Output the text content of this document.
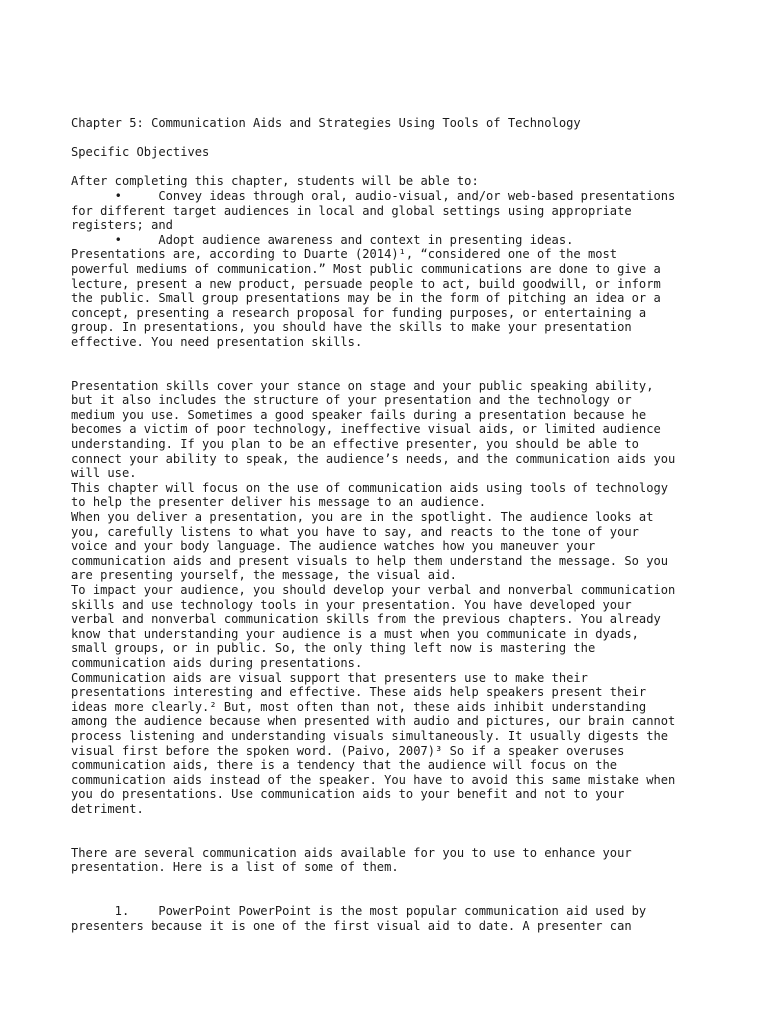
Chapter 5: Communication Aids and Strategies Using Tools of Technology
Specific Objectives
After completing this chapter, students will be able to:
•     Convey ideas through oral, audio-visual, and/or web-based presentations
for different target audiences in local and global settings using appropriate
registers; and
•     Adopt audience awareness and context in presenting ideas.
Presentations are, according to Duarte (2014)¹, “considered one of the most
powerful mediums of communication.” Most public communications are done to give a
lecture, present a new product, persuade people to act, build goodwill, or inform
the public. Small group presentations may be in the form of pitching an idea or a
concept, presenting a research proposal for funding purposes, or entertaining a
group. In presentations, you should have the skills to make your presentation
effective. You need presentation skills.
Presentation skills cover your stance on stage and your public speaking ability,
but it also includes the structure of your presentation and the technology or
medium you use. Sometimes a good speaker fails during a presentation because he
becomes a victim of poor technology, ineffective visual aids, or limited audience
understanding. If you plan to be an effective presenter, you should be able to
connect your ability to speak, the audience’s needs, and the communication aids you
will use.
This chapter will focus on the use of communication aids using tools of technology
to help the presenter deliver his message to an audience.
When you deliver a presentation, you are in the spotlight. The audience looks at
you, carefully listens to what you have to say, and reacts to the tone of your
voice and your body language. The audience watches how you maneuver your
communication aids and present visuals to help them understand the message. So you
are presenting yourself, the message, the visual aid.
To impact your audience, you should develop your verbal and nonverbal communication
skills and use technology tools in your presentation. You have developed your
verbal and nonverbal communication skills from the previous chapters. You already
know that understanding your audience is a must when you communicate in dyads,
small groups, or in public. So, the only thing left now is mastering the
communication aids during presentations.
Communication aids are visual support that presenters use to make their
presentations interesting and effective. These aids help speakers present their
ideas more clearly.² But, most often than not, these aids inhibit understanding
among the audience because when presented with audio and pictures, our brain cannot
process listening and understanding visuals simultaneously. It usually digests the
visual first before the spoken word. (Paivo, 2007)³ So if a speaker overuses
communication aids, there is a tendency that the audience will focus on the
communication aids instead of the speaker. You have to avoid this same mistake when
you do presentations. Use communication aids to your benefit and not to your
detriment.
There are several communication aids available for you to use to enhance your
presentation. Here is a list of some of them.
1.    PowerPoint PowerPoint is the most popular communication aid used by
presenters because it is one of the first visual aid to date. A presenter can
